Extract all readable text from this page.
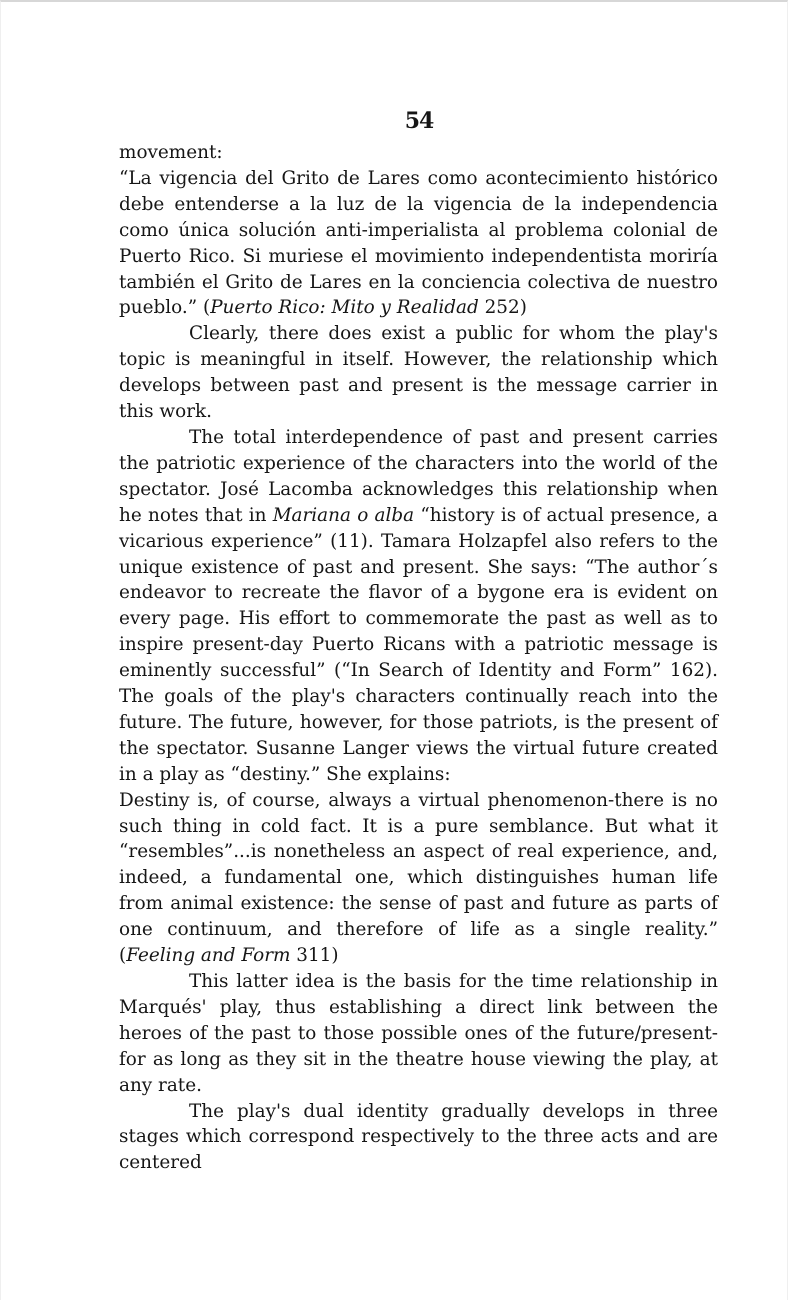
54

movement:

“La vigencia del Grito de Lares como acontecimiento histórico debe entenderse a la luz de la vigencia de la independencia como única solución anti-imperialista al problema colonial de Puerto Rico. Si muriese el movimiento independentista moriría también el Grito de Lares en la conciencia colectiva de nuestro pueblo.” (Puerto Rico: Mito y Realidad 252)

Clearly, there does exist a public for whom the play's topic is meaningful in itself. However, the relationship which develops between past and present is the message carrier in this work.

The total interdependence of past and present carries the patriotic experience of the characters into the world of the spectator. José Lacomba acknowledges this relationship when he notes that in Mariana o alba “history is of actual presence, a vicarious experience” (11). Tamara Holzapfel also refers to the unique existence of past and present. She says: “The author´s endeavor to recreate the flavor of a bygone era is evident on every page. His effort to commemorate the past as well as to inspire present-day Puerto Ricans with a patriotic message is eminently successful” (“In Search of Identity and Form” 162). The goals of the play's characters continually reach into the future. The future, however, for those patriots, is the present of the spectator. Susanne Langer views the virtual future created in a play as “destiny.” She explains:

Destiny is, of course, always a virtual phenomenon-there is no such thing in cold fact. It is a pure semblance. But what it “resembles”...is nonetheless an aspect of real experience, and, indeed, a fundamental one, which distinguishes human life from animal existence: the sense of past and future as parts of one continuum, and therefore of life as a single reality.” (Feeling and Form 311)

This latter idea is the basis for the time relationship in Marqués' play, thus establishing a direct link between the heroes of the past to those possible ones of the future/present-for as long as they sit in the theatre house viewing the play, at any rate.

The play's dual identity gradually develops in three stages which correspond respectively to the three acts and are centered
